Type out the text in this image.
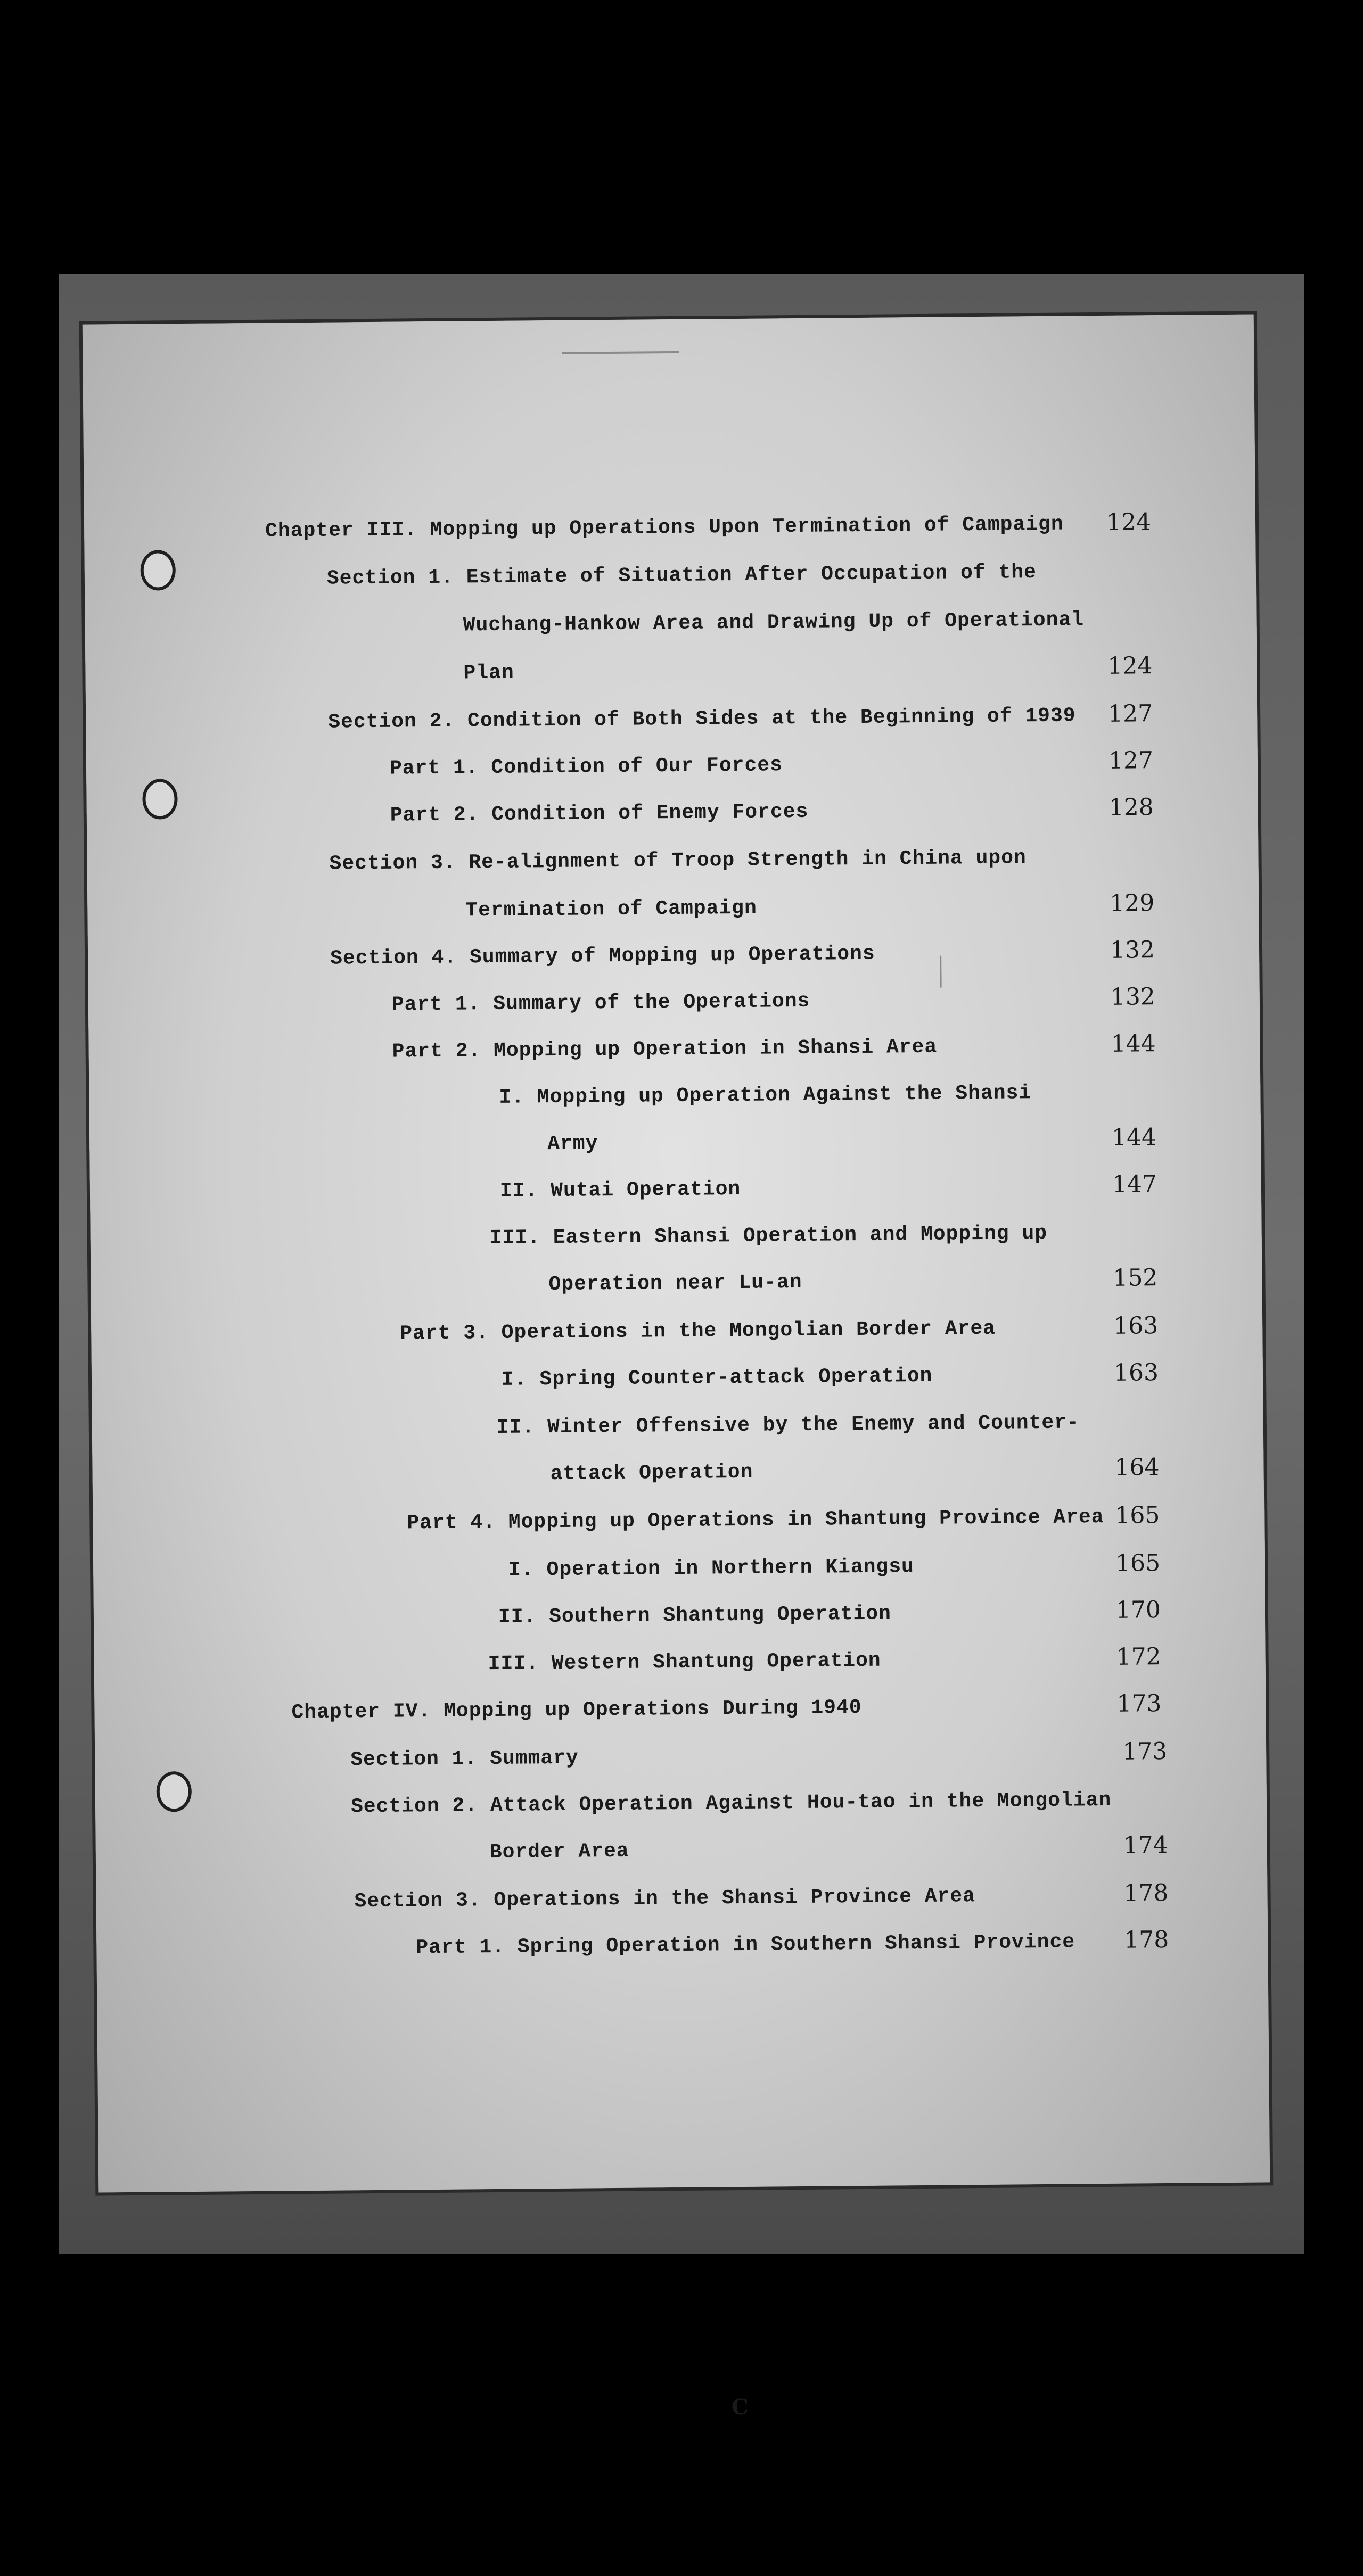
Chapter III. Mopping up Operations Upon Termination of Campaign 124
Section 1. Estimate of Situation After Occupation of the
Wuchang-Hankow Area and Drawing Up of Operational
Plan	124
Section 2. Condition of Both Sides at the Beginning of 1939 127
Part 1. Condition of Our Forces	127
Part 2. Condition of Enemy Forces	128
Section 3. Re-alignment of Troop Strength in China upon
Termination of Campaign	129
Section 4. Summary of Mopping up Operations	132
Part 1. Summary of the Operations	132
Part 2. Mopping up Operation in Shansi Area	144
I. Mopping up Operation Against the Shansi
Army	144
II. Wutai Operation	147
III. Eastern Shansi Operation and Mopping up
Operation near Lu-an	152
Part 3. Operations in the Mongolian Border Area	163
I. Spring Counter-attack Operation	163
II. Winter Offensive by the Enemy and Counter-
attack Operation	164
Part 4. Mopping up Operations in Shantung Province Area 165
I. Operation in Northern Kiangsu	165
II. Southern Shantung Operation	170
III. Western Shantung Operation	172
Chapter IV. Mopping up Operations During 1940	173
Section 1. Summary	173
Section 2. Attack Operation Against Hou-tao in the Mongolian
Border Area	174
Section 3. Operations in the Shansi Province Area	178
Part 1. Spring Operation in Southern Shansi Province 178
C
